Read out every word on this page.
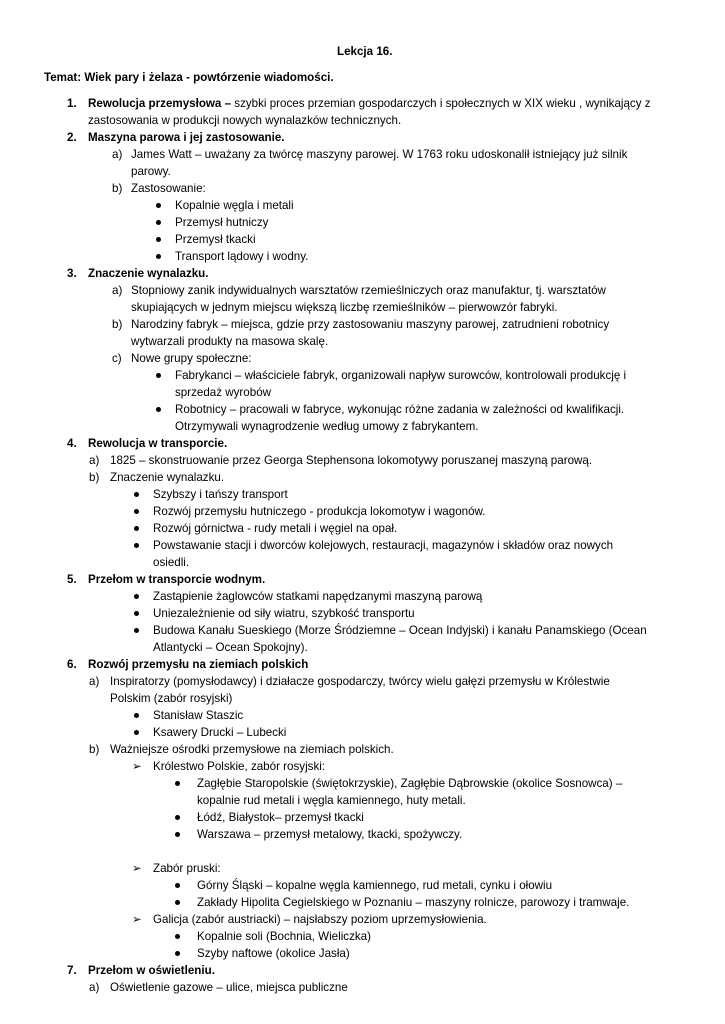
Lekcja 16.
Temat: Wiek pary i żelaza - powtórzenie wiadomości.
1. Rewolucja przemysłowa – szybki proces przemian gospodarczych i społecznych w XIX wieku , wynikający z
zastosowania w produkcji nowych wynalazków technicznych.
2. Maszyna parowa i jej zastosowanie.
a) James Watt – uważany za twórcę maszyny parowej. W 1763 roku udoskonalił istniejący już silnik
parowy.
b) Zastosowanie:
Kopalnie węgla i metali
Przemysł hutniczy
Przemysł tkacki
Transport lądowy i wodny.
3. Znaczenie wynalazku.
a) Stopniowy zanik indywidualnych warsztatów rzemieślniczych oraz manufaktur, tj. warsztatów
skupiających w jednym miejscu większą liczbę rzemieślników – pierwowzór fabryki.
b) Narodziny fabryk – miejsca, gdzie przy zastosowaniu maszyny parowej, zatrudnieni robotnicy
wytwarzali produkty na masowa skalę.
c) Nowe grupy społeczne:
Fabrykanci – właściciele fabryk, organizowali napływ surowców, kontrolowali produkcję i
sprzedaż wyrobów
Robotnicy – pracowali w fabryce, wykonując różne zadania w zależności od kwalifikacji.
Otrzymywali wynagrodzenie według umowy z fabrykantem.
4. Rewolucja w transporcie.
a) 1825 – skonstruowanie przez Georga Stephensona lokomotywy poruszanej maszyną parową.
b) Znaczenie wynalazku.
Szybszy i tańszy transport
Rozwój przemysłu hutniczego - produkcja lokomotyw i wagonów.
Rozwój górnictwa - rudy metali i węgiel na opał.
Powstawanie stacji i dworców kolejowych, restauracji, magazynów i składów oraz nowych
osiedli.
5. Przełom w transporcie wodnym.
Zastąpienie żaglowców statkami napędzanymi maszyną parową
Uniezależnienie od siły wiatru, szybkość transportu
Budowa Kanału Sueskiego (Morze Śródziemne – Ocean Indyjski) i kanału Panamskiego (Ocean
Atlantycki – Ocean Spokojny).
6. Rozwój przemysłu na ziemiach polskich
a) Inspiratorzy (pomysłodawcy) i działacze gospodarczy, twórcy wielu gałęzi przemysłu w Królestwie
Polskim (zabór rosyjski)
Stanisław Staszic
Ksawery Drucki – Lubecki
b) Ważniejsze ośrodki przemysłowe na ziemiach polskich.
➢ Królestwo Polskie, zabór rosyjski:
Zagłębie Staropolskie (świętokrzyskie), Zagłębie Dąbrowskie (okolice Sosnowca) –
kopalnie rud metali i węgla kamiennego, huty metali.
Łódź, Białystok– przemysł tkacki
Warszawa – przemysł metalowy, tkacki, spożywczy.
➢ Zabór pruski:
Górny Śląski – kopalne węgla kamiennego, rud metali, cynku i ołowiu
Zakłady Hipolita Cegielskiego w Poznaniu – maszyny rolnicze, parowozy i tramwaje.
➢ Galicja (zabór austriacki) – najsłabszy poziom uprzemysłowienia.
Kopalnie soli (Bochnia, Wieliczka)
Szyby naftowe (okolice Jasła)
7. Przełom w oświetleniu.
a) Oświetlenie gazowe – ulice, miejsca publiczne
